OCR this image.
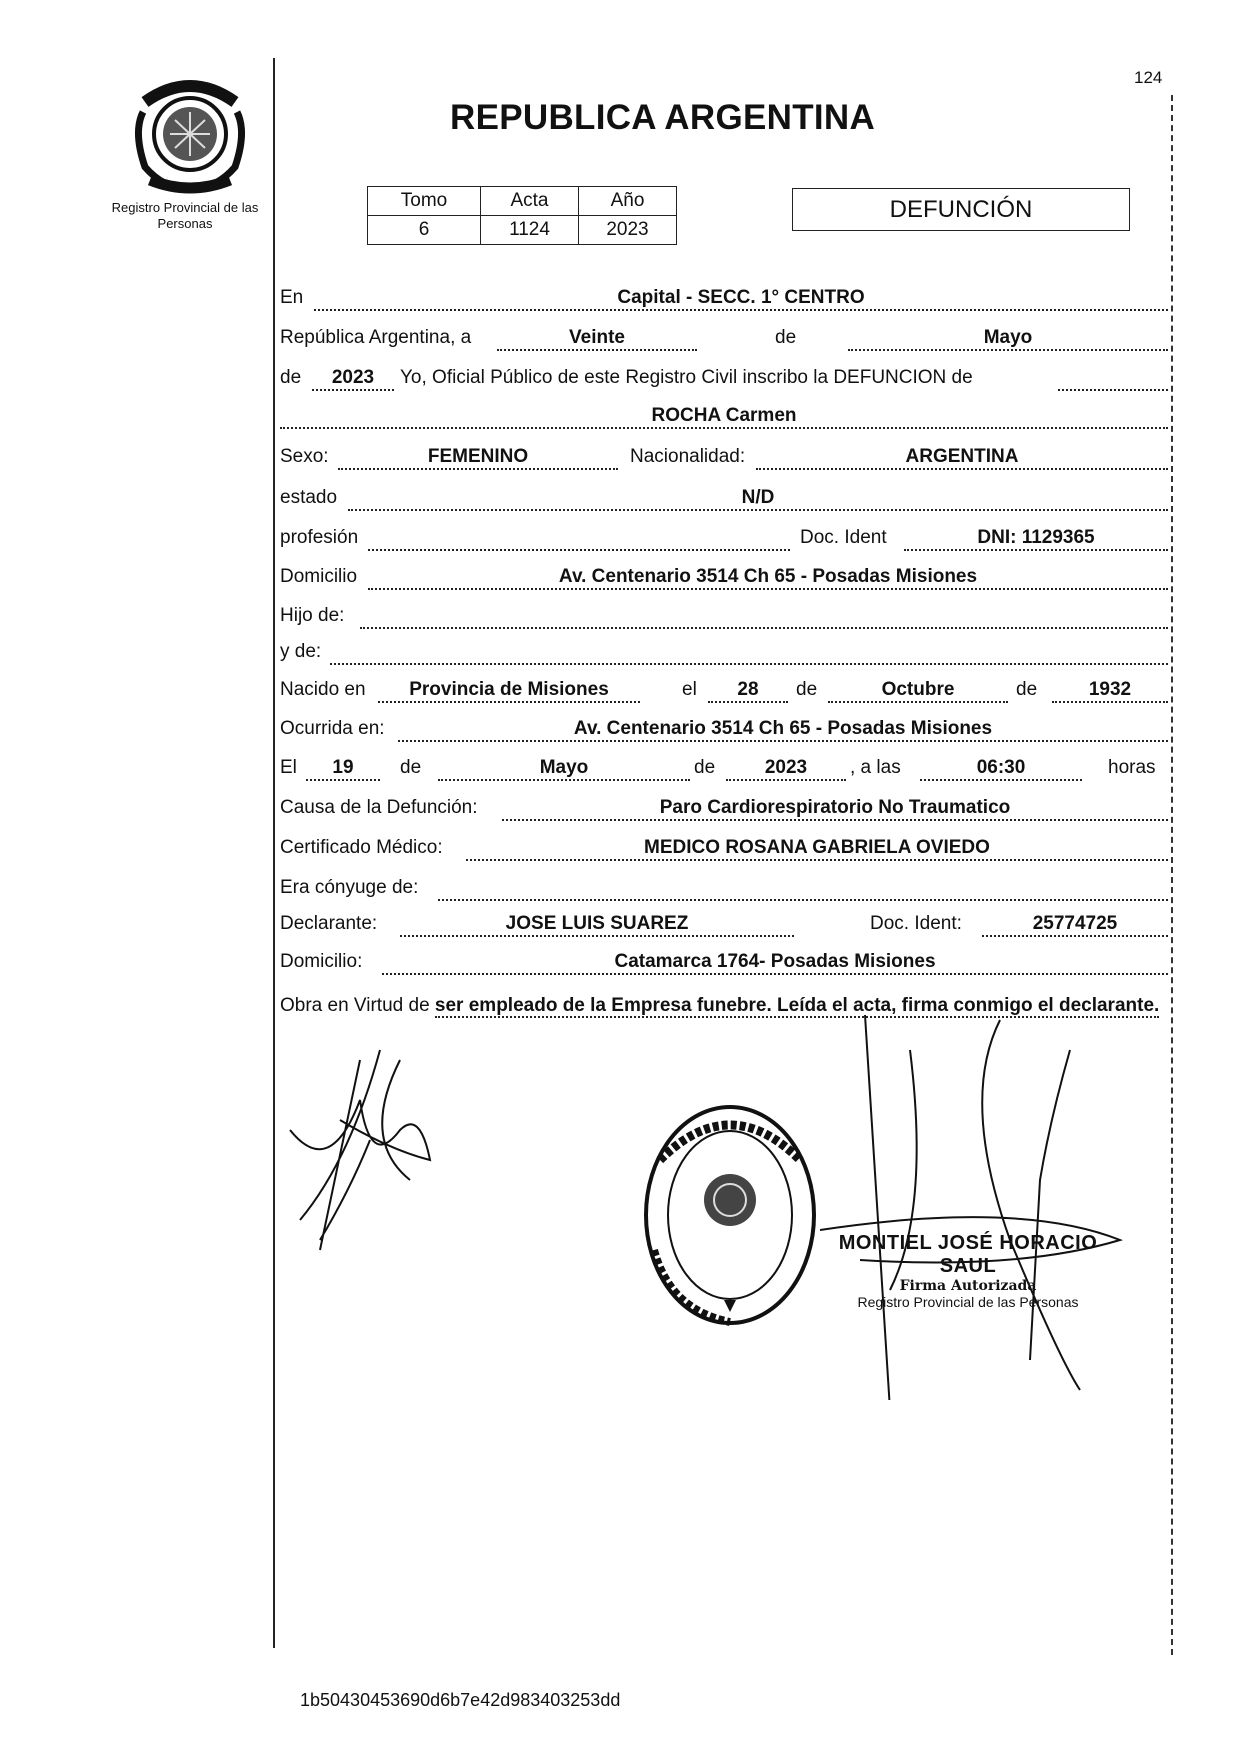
Registro Provincial de las Personas
124
REPUBLICA ARGENTINA
Tomo	Acta	Año
6	1124	2023
DEFUNCIÓN
En	Capital - SECC. 1° CENTRO
República Argentina, a	Veinte	de	Mayo
de	2023	Yo, Oficial Público de este Registro Civil inscribo la DEFUNCION de
ROCHA Carmen
Sexo:	FEMENINO	Nacionalidad:	ARGENTINA
estado	N/D
profesión	Doc. Ident	DNI: 1129365
Domicilio	Av. Centenario 3514 Ch 65 - Posadas Misiones
Hijo de:
y de:
Nacido en	Provincia de Misiones	el	28	de	Octubre	de	1932
Ocurrida en:	Av. Centenario 3514 Ch 65 - Posadas Misiones
El	19	de	Mayo	de	2023	, a las	06:30	horas
Causa de la Defunción:	Paro Cardiorespiratorio No Traumatico
Certificado Médico:	MEDICO ROSANA GABRIELA OVIEDO
Era cónyuge de:
Declarante:	JOSE LUIS SUAREZ	Doc. Ident:	25774725
Domicilio:	Catamarca 1764- Posadas Misiones
Obra en Virtud de ser empleado de la Empresa funebre. Leída el acta, firma conmigo el declarante.
MONTIEL JOSÉ HORACIO SAUL
Firma Autorizada
Registro Provincial de las Personas
1b50430453690d6b7e42d983403253dd
